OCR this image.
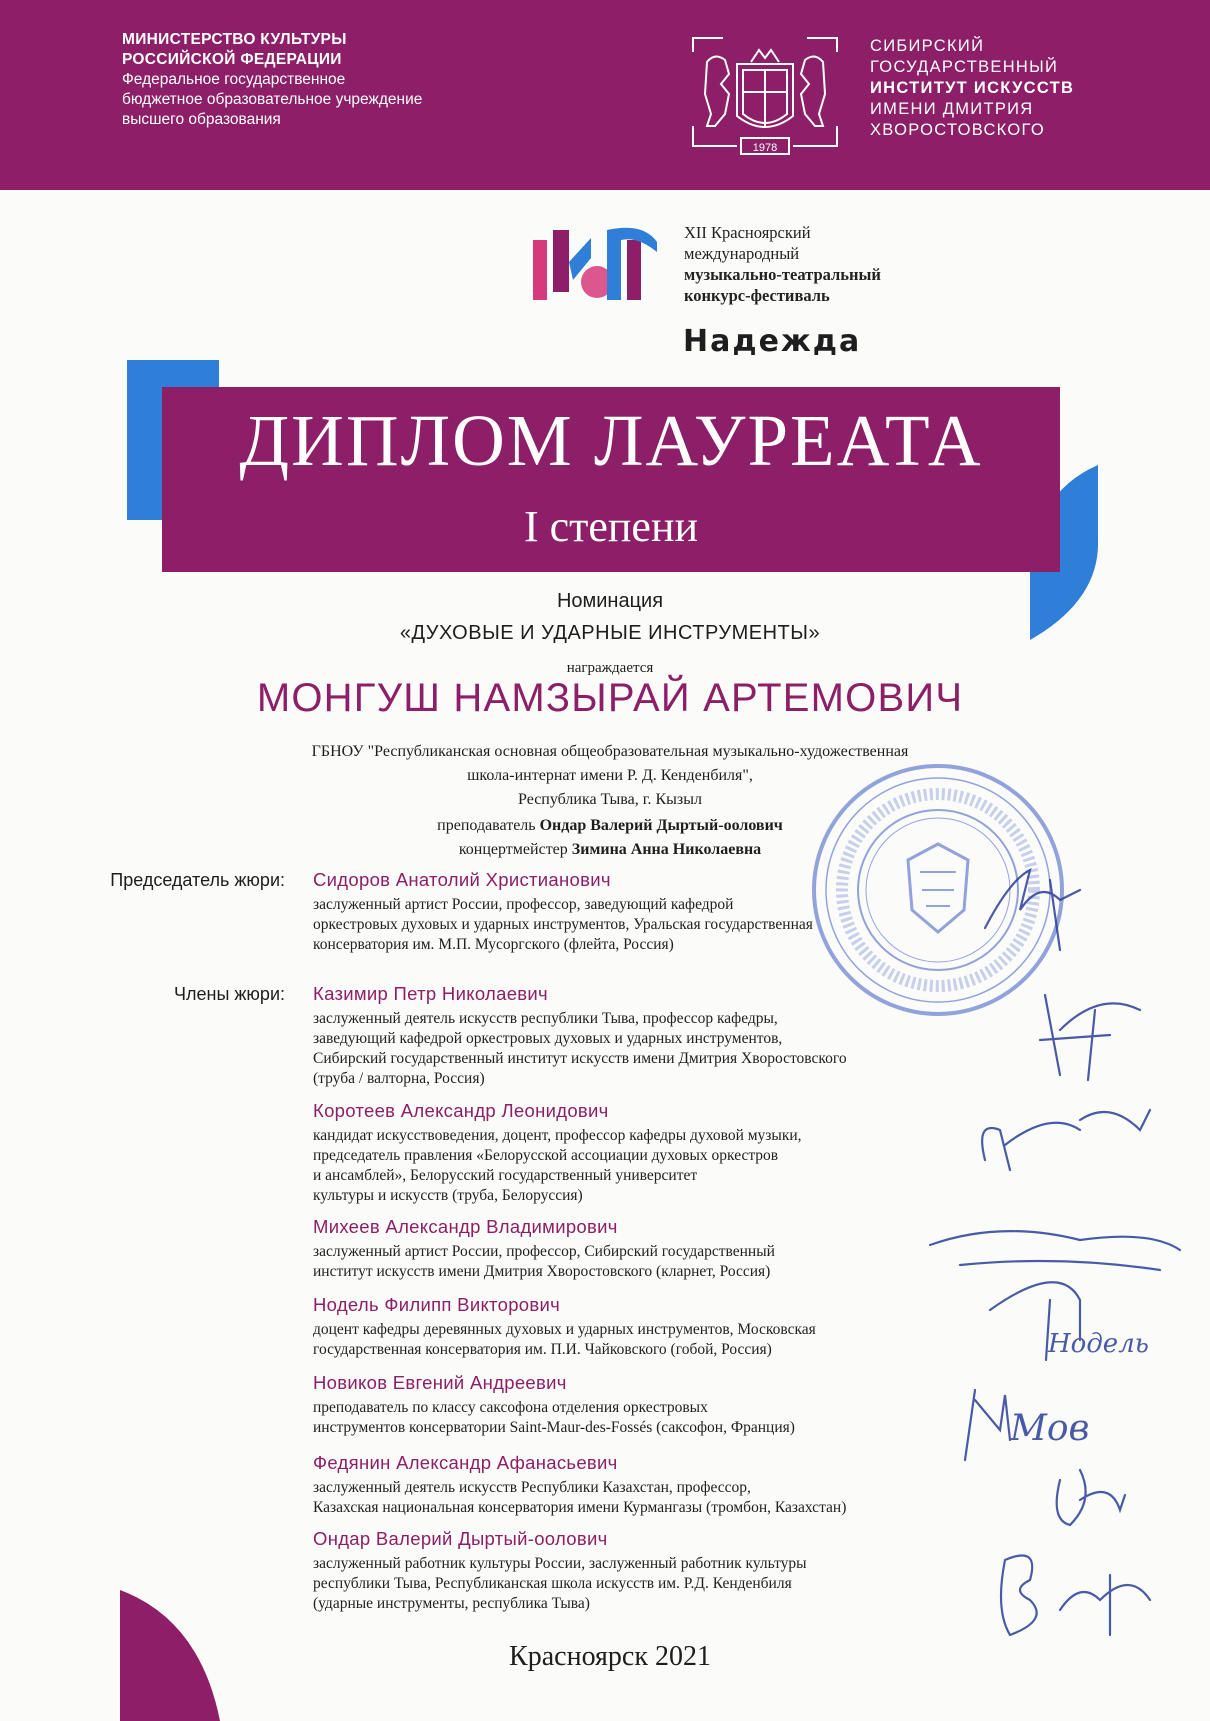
МИНИСТЕРСТВО КУЛЬТУРЫ
РОССИЙСКОЙ ФЕДЕРАЦИИ
Федеральное государственное
бюджетное образовательное учреждение
высшего образования
1978
СИБИРСКИЙ
ГОСУДАРСТВЕННЫЙ
ИНСТИТУТ ИСКУССТВ
ИМЕНИ ДМИТРИЯ
ХВОРОСТОВСКОГО
XII Красноярский
международный
музыкально-театральный
конкурс-фестиваль
Надежда
ДИПЛОМ ЛАУРЕАТА
I степени
Номинация
«ДУХОВЫЕ И УДАРНЫЕ ИНСТРУМЕНТЫ»
награждается
МОНГУШ НАМЗЫРАЙ АРТЕМОВИЧ
ГБНОУ "Республиканская основная общеобразовательная музыкально-художественная
школа-интернат имени Р. Д. Кенденбиля",
Республика Тыва, г. Кызыл
преподаватель Ондар Валерий Дыртый-оолович
концертмейстер Зимина Анна Николаевна
Председатель жюри: Сидоров Анатолий Христианович
заслуженный артист России, профессор, заведующий кафедрой
оркестровых духовых и ударных инструментов, Уральская государственная
консерватория им. М.П. Мусоргского (флейта, Россия)
Члены жюри: Казимир Петр Николаевич
заслуженный деятель искусств республики Тыва, профессор кафедры,
заведующий кафедрой оркестровых духовых и ударных инструментов,
Сибирский государственный институт искусств имени Дмитрия Хворостовского
(труба / валторна, Россия)
Коротеев Александр Леонидович
кандидат искусствоведения, доцент, профессор кафедры духовой музыки,
председатель правления «Белорусской ассоциации духовых оркестров
и ансамблей», Белорусский государственный университет
культуры и искусств (труба, Белоруссия)
Михеев Александр Владимирович
заслуженный артист России, профессор, Сибирский государственный
институт искусств имени Дмитрия Хворостовского (кларнет, Россия)
Нодель Филипп Викторович
доцент кафедры деревянных духовых и ударных инструментов, Московская
государственная консерватория им. П.И. Чайковского (гобой, Россия)
Новиков Евгений Андреевич
преподаватель по классу саксофона отделения оркестровых
инструментов консерватории Saint-Maur-des-Fossés (саксофон, Франция)
Федянин Александр Афанасьевич
заслуженный деятель искусств Республики Казахстан, профессор,
Казахская национальная консерватория имени Курмангазы (тромбон, Казахстан)
Ондар Валерий Дыртый-оолович
заслуженный работник культуры России, заслуженный работник культуры
республики Тыва, Республиканская школа искусств им. Р.Д. Кенденбиля
(ударные инструменты, республика Тыва)
Нодель
Мов
Красноярск 2021
